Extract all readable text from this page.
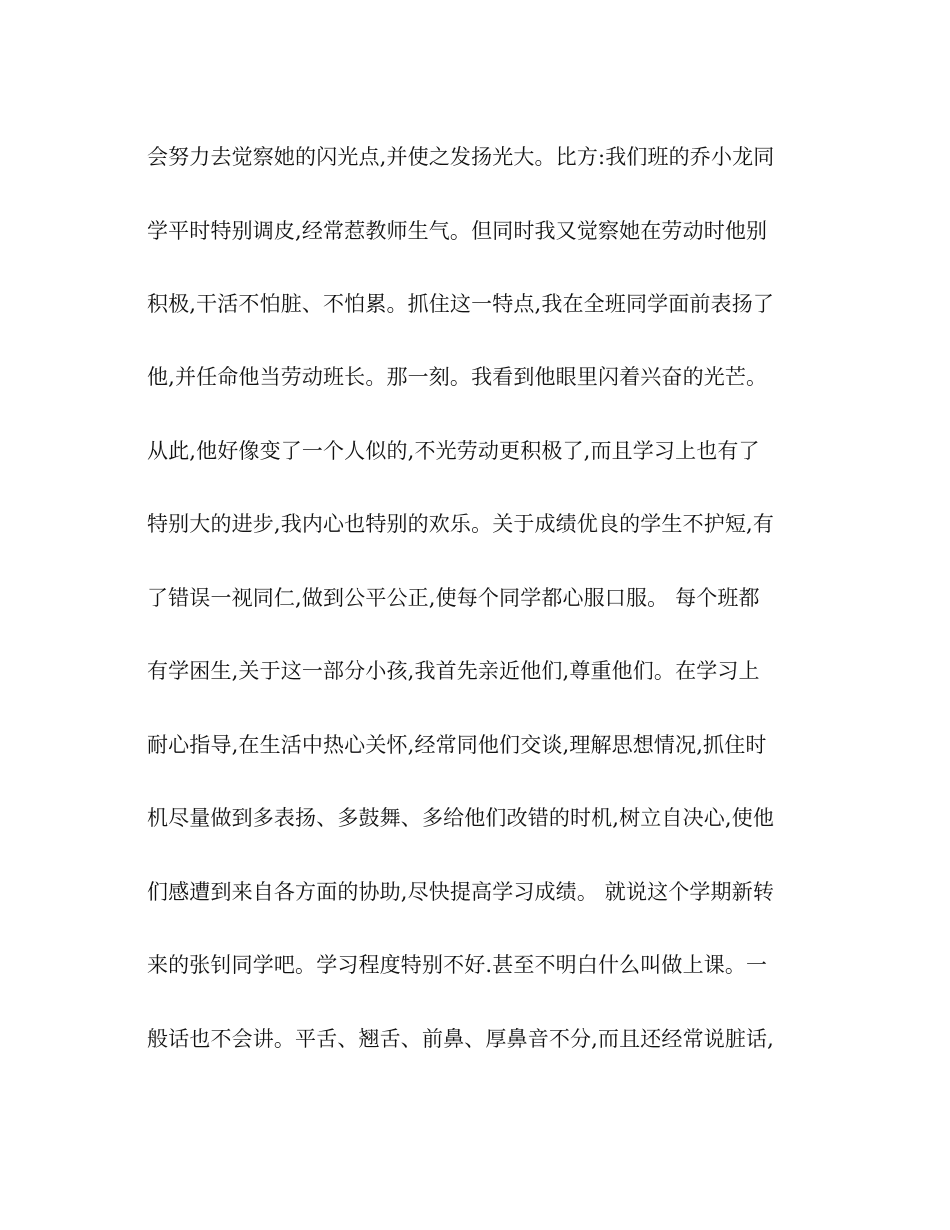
会努力去觉察她的闪光点,并使之发扬光大。比方:我们班的乔小龙同
学平时特别调皮,经常惹教师生气。但同时我又觉察她在劳动时他别
积极,干活不怕脏、不怕累。抓住这一特点,我在全班同学面前表扬了
他,并任命他当劳动班长。那一刻。我看到他眼里闪着兴奋的光芒。
从此,他好像变了一个人似的,不光劳动更积极了,而且学习上也有了
特别大的进步,我内心也特别的欢乐。关于成绩优良的学生不护短,有
了错误一视同仁,做到公平公正,使每个同学都心服口服。 每个班都
有学困生,关于这一部分小孩,我首先亲近他们,尊重他们。在学习上
耐心指导,在生活中热心关怀,经常同他们交谈,理解思想情况,抓住时
机尽量做到多表扬、多鼓舞、多给他们改错的时机,树立自决心,使他
们感遭到来自各方面的协助,尽快提高学习成绩。 就说这个学期新转
来的张钊同学吧。学习程度特别不好.甚至不明白什么叫做上课。一
般话也不会讲。平舌、翘舌、前鼻、厚鼻音不分,而且还经常说脏话,
